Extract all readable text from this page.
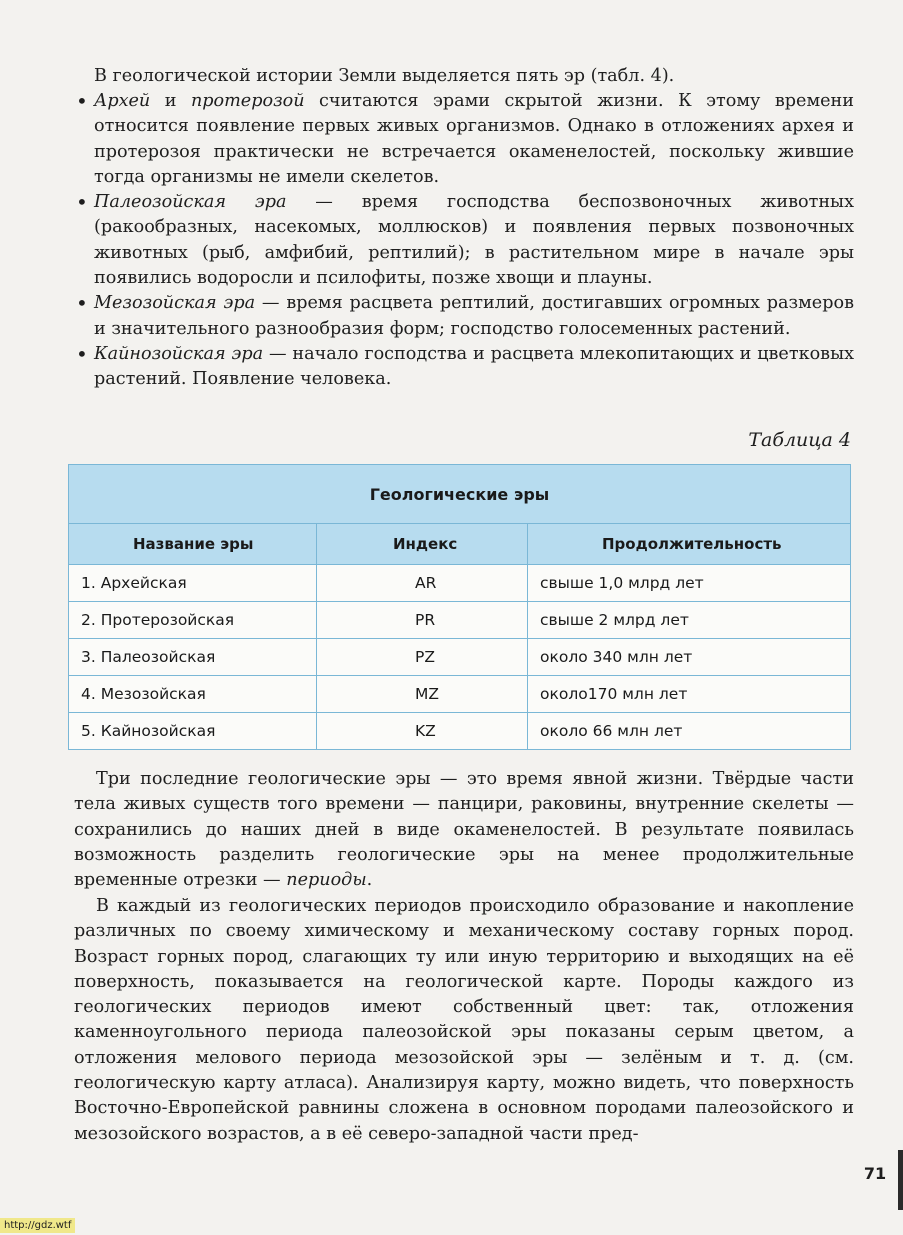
В геологической истории Земли выделяется пять эр (табл. 4).

• Архей и протерозой считаются эрами скрытой жизни. К этому времени относится появление первых живых организмов. Однако в отложениях архея и протерозоя практически не встречается окаменелостей, поскольку жившие тогда организмы не имели скелетов.
• Палеозойская эра — время господства беспозвоночных животных (ракообразных, насекомых, моллюсков) и появления первых позвоночных животных (рыб, амфибий, рептилий); в растительном мире в начале эры появились водоросли и псилофиты, позже хвощи и плауны.
• Мезозойская эра — время расцвета рептилий, достигавших огромных размеров и значительного разнообразия форм; господство голосеменных растений.
• Кайнозойская эра — начало господства и расцвета млекопитающих и цветковых растений. Появление человека.

Таблица 4

Геологические эры		
Название эры	Индекс	Продолжительность
1. Архейская	AR	свыше 1,0 млрд лет
2. Протерозойская	PR	свыше 2 млрд лет
3. Палеозойская	PZ	около 340 млн лет
4. Мезозойская	MZ	около170 млн лет
5. Кайнозойская	KZ	около 66 млн лет

Три последние геологические эры — это время явной жизни. Твёрдые части тела живых существ того времени — панцири, раковины, внутренние скелеты — сохранились до наших дней в виде окаменелостей. В результате появилась возможность разделить геологические эры на менее продолжительные временные отрезки — периоды.

В каждый из геологических периодов происходило образование и накопление различных по своему химическому и механическому составу горных пород. Возраст горных пород, слагающих ту или иную территорию и выходящих на её поверхность, показывается на геологической карте. Породы каждого из геологических периодов имеют собственный цвет: так, отложения каменноугольного периода палеозойской эры показаны серым цветом, а отложения мелового периода мезозойской эры — зелёным и т. д. (см. геологическую карту атласа). Анализируя карту, можно видеть, что поверхность Восточно-Европейской равнины сложена в основном породами палеозойского и мезозойского возрастов, а в её северо-западной части пред-

71
http://gdz.wtf
